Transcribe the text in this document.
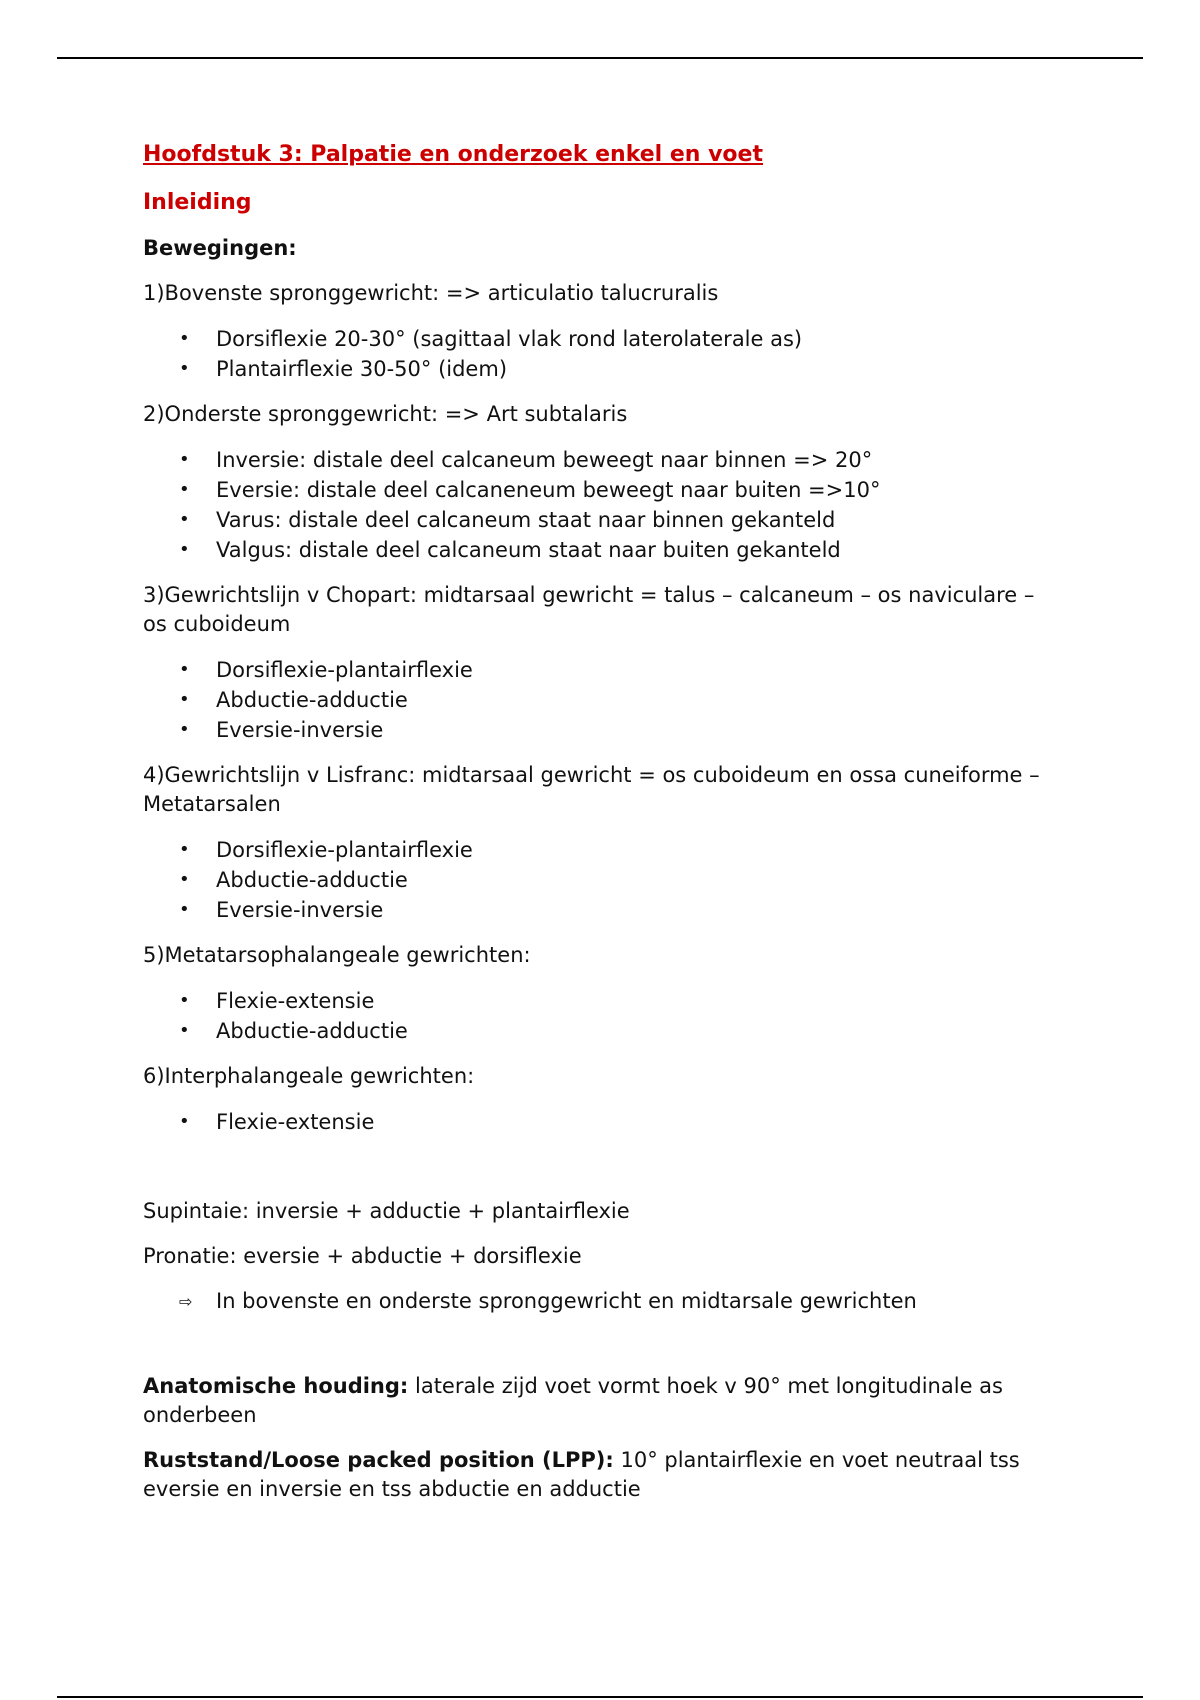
Hoofdstuk 3: Palpatie en onderzoek enkel en voet
Inleiding
Bewegingen:

1)Bovenste spronggewricht: => articulatio talucruralis

• Dorsiflexie 20-30° (sagittaal vlak rond laterolaterale as)
• Plantairflexie 30-50° (idem)

2)Onderste spronggewricht: => Art subtalaris

• Inversie: distale deel calcaneum beweegt naar binnen => 20°
• Eversie: distale deel calcaneneum beweegt naar buiten =>10°
• Varus: distale deel calcaneum staat naar binnen gekanteld
• Valgus: distale deel calcaneum staat naar buiten gekanteld

3)Gewrichtslijn v Chopart: midtarsaal gewricht = talus – calcaneum – os naviculare – os cuboideum

• Dorsiflexie-plantairflexie
• Abductie-adductie
• Eversie-inversie

4)Gewrichtslijn v Lisfranc: midtarsaal gewricht = os cuboideum en ossa cuneiforme – Metatarsalen

• Dorsiflexie-plantairflexie
• Abductie-adductie
• Eversie-inversie

5)Metatarsophalangeale gewrichten:

• Flexie-extensie
• Abductie-adductie

6)Interphalangeale gewrichten:

• Flexie-extensie

Supintaie: inversie + adductie + plantairflexie

Pronatie: eversie + abductie + dorsiflexie

⇨ In bovenste en onderste spronggewricht en midtarsale gewrichten

Anatomische houding: laterale zijd voet vormt hoek v 90° met longitudinale as onderbeen

Ruststand/Loose packed position (LPP): 10° plantairflexie en voet neutraal tss eversie en inversie en tss abductie en adductie
